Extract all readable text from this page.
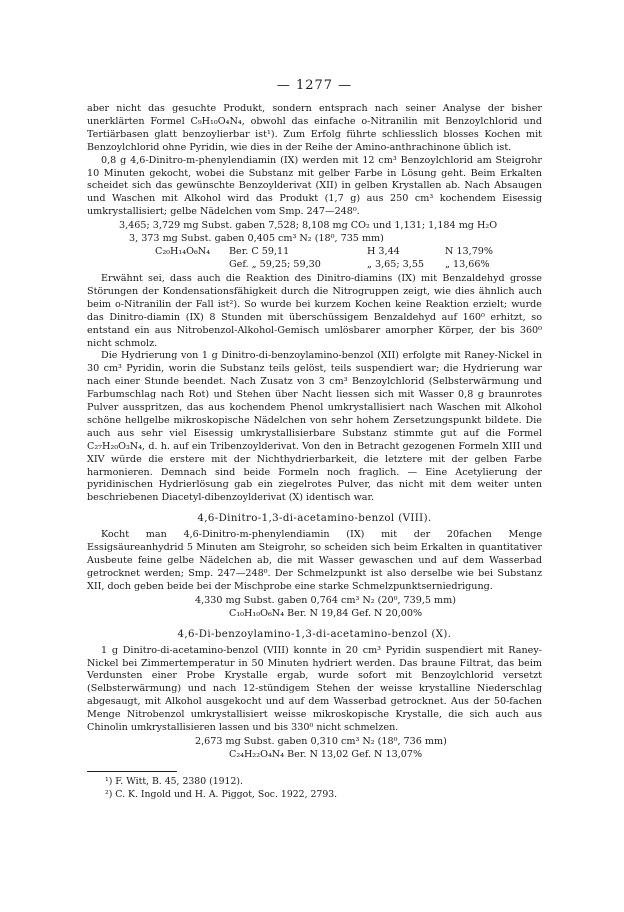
— 1277 —

aber nicht das gesuchte Produkt, sondern entsprach nach seiner Analyse der bisher unerklärten Formel C₉H₁₀O₄N₄, obwohl das einfache o-Nitranilin mit Benzoylchlorid und Tertiärbasen glatt benzoylierbar ist¹). Zum Erfolg führte schliesslich blosses Kochen mit Benzoylchlorid ohne Pyridin, wie dies in der Reihe der Amino-anthrachinone üblich ist.

0,8 g 4,6-Dinitro-m-phenylendiamin (IX) werden mit 12 cm³ Benzoylchlorid am Steigrohr 10 Minuten gekocht, wobei die Substanz mit gelber Farbe in Lösung geht. Beim Erkalten scheidet sich das gewünschte Benzoylderivat (XII) in gelben Krystallen ab. Nach Absaugen und Waschen mit Alkohol wird das Produkt (1,7 g) aus 250 cm³ kochendem Eisessig umkrystallisiert; gelbe Nädelchen vom Smp. 247—248⁰.

3,465; 3,729 mg Subst. gaben 7,528; 8,108 mg CO₂ und 1,131; 1,184 mg H₂O
3, 373 mg Subst. gaben 0,405 cm³ N₂ (18⁰, 735 mm)
C₂₀H₁₄O₆N₄ Ber. C 59,11	H 3,44	N 13,79%
Gef. „ 59,25; 59,30	„ 3,65; 3,55 „ 13,66%

Erwähnt sei, dass auch die Reaktion des Dinitro-diamins (IX) mit Benzaldehyd grosse Störungen der Kondensationsfähigkeit durch die Nitrogruppen zeigt, wie dies ähnlich auch beim o-Nitranilin der Fall ist²). So wurde bei kurzem Kochen keine Reaktion erzielt; wurde das Dinitro-diamin (IX) 8 Stunden mit überschüssigem Benzaldehyd auf 160⁰ erhitzt, so entstand ein aus Nitrobenzol-Alkohol-Gemisch umlösbarer amorpher Körper, der bis 360⁰ nicht schmolz.

Die Hydrierung von 1 g Dinitro-di-benzoylamino-benzol (XII) erfolgte mit Raney-Nickel in 30 cm³ Pyridin, worin die Substanz teils gelöst, teils suspendiert war; die Hydrierung war nach einer Stunde beendet. Nach Zusatz von 3 cm³ Benzoylchlorid (Selbsterwärmung und Farbumschlag nach Rot) und Stehen über Nacht liessen sich mit Wasser 0,8 g braunrotes Pulver ausspritzen, das aus kochendem Phenol umkrystallisiert nach Waschen mit Alkohol schöne hellgelbe mikroskopische Nädelchen von sehr hohem Zersetzungspunkt bildete. Die auch aus sehr viel Eisessig umkrystallisierbare Substanz stimmte gut auf die Formel C₂₇H₂₀O₃N₄, d. h. auf ein Tribenzoylderivat. Von den in Betracht gezogenen Formeln XIII und XIV würde die erstere mit der Nichthydrierbarkeit, die letztere mit der gelben Farbe harmonieren. Demnach sind beide Formeln noch fraglich. — Eine Acetylierung der pyridinischen Hydrierlösung gab ein ziegelrotes Pulver, das nicht mit dem weiter unten beschriebenen Diacetyl-dibenzoylderivat (X) identisch war.

4,6-Dinitro-1,3-di-acetamino-benzol (VIII).

Kocht man 4,6-Dinitro-m-phenylendiamin (IX) mit der 20fachen Menge Essigsäureanhydrid 5 Minuten am Steigrohr, so scheiden sich beim Erkalten in quantitativer Ausbeute feine gelbe Nädelchen ab, die mit Wasser gewaschen und auf dem Wasserbad getrocknet werden; Smp. 247—248⁰. Der Schmelzpunkt ist also derselbe wie bei Substanz XII, doch geben beide bei der Mischprobe eine starke Schmelzpunktserniedrigung.

4,330 mg Subst. gaben 0,764 cm³ N₂ (20⁰, 739,5 mm)
C₁₀H₁₀O₆N₄ Ber. N 19,84 Gef. N 20,00%
4,6-Di-benzoylamino-1,3-di-acetamino-benzol (X).

1 g Dinitro-di-acetamino-benzol (VIII) konnte in 20 cm³ Pyridin suspendiert mit Raney-Nickel bei Zimmertemperatur in 50 Minuten hydriert werden. Das braune Filtrat, das beim Verdunsten einer Probe Krystalle ergab, wurde sofort mit Benzoylchlorid versetzt (Selbsterwärmung) und nach 12-stündigem Stehen der weisse krystalline Niederschlag abgesaugt, mit Alkohol ausgekocht und auf dem Wasserbad getrocknet. Aus der 50-fachen Menge Nitrobenzol umkrystallisiert weisse mikroskopische Krystalle, die sich auch aus Chinolin umkrystallisieren lassen und bis 330⁰ nicht schmelzen.

2,673 mg Subst. gaben 0,310 cm³ N₂ (18⁰, 736 mm)
C₂₄H₂₂O₄N₄ Ber. N 13,02 Gef. N 13,07%
¹) F. Witt, B. 45, 2380 (1912).
²) C. K. Ingold und H. A. Piggot, Soc. 1922, 2793.
